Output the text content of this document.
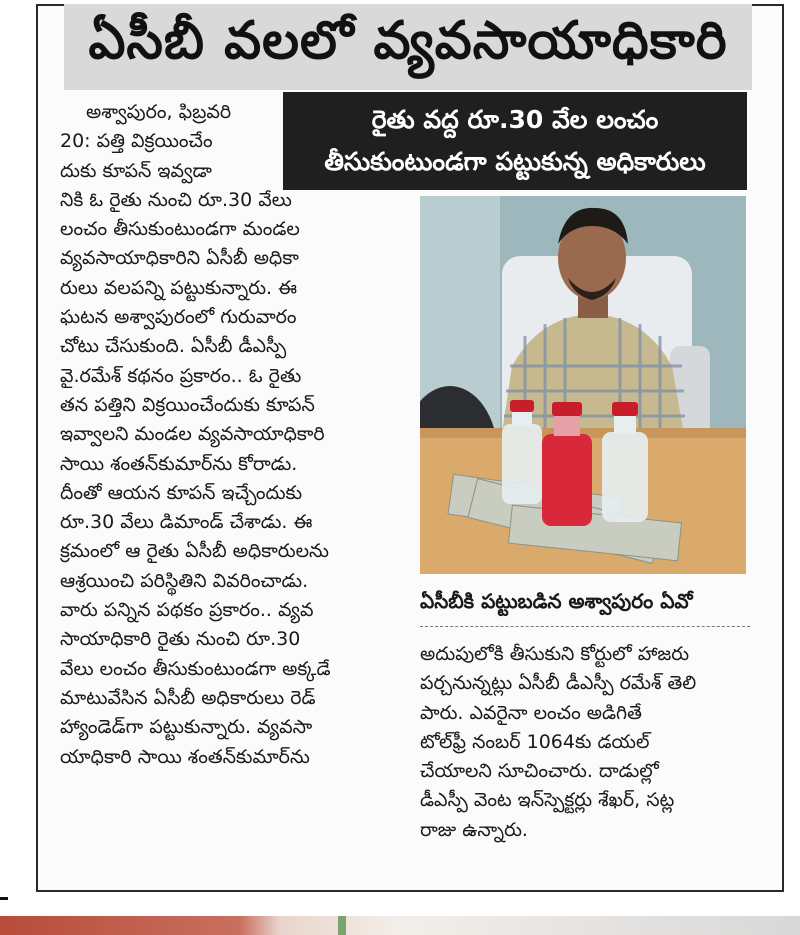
ఏసీబీ వలలో వ్యవసాయాధికారి
రైతు వద్ద రూ.30 వేల లంచం
తీసుకుంటుండగా పట్టుకున్న అధికారులు
అశ్వాపురం, ఫిబ్రవరి
20: పత్తి విక్రయించేం
దుకు కూపన్ ఇవ్వడా
నికి ఓ రైతు నుంచి రూ.30 వేలు
లంచం తీసుకుంటుండగా మండల
వ్యవసాయాధికారిని ఏసీబీ అధికా
రులు వలపన్ని పట్టుకున్నారు. ఈ
ఘటన అశ్వాపురంలో గురువారం
చోటు చేసుకుంది. ఏసీబీ డీఎస్పీ
వై.రమేశ్ కథనం ప్రకారం.. ఓ రైతు
తన పత్తిని విక్రయించేందుకు కూపన్
ఇవ్వాలని మండల వ్యవసాయాధికారి
సాయి శంతన్‌కుమార్‌ను కోరాడు.
దీంతో ఆయన కూపన్ ఇచ్చేందుకు
రూ.30 వేలు డిమాండ్ చేశాడు. ఈ
క్రమంలో ఆ రైతు ఏసీబీ అధికారులను
ఆశ్రయించి పరిస్థితిని వివరించాడు.
వారు పన్నిన పథకం ప్రకారం.. వ్యవ
సాయాధికారి రైతు నుంచి రూ.30
వేలు లంచం తీసుకుంటుండగా అక్కడే
మాటువేసిన ఏసీబీ అధికారులు రెడ్
హ్యాండెడ్‌గా పట్టుకున్నారు. వ్యవసా
యాధికారి సాయి శంతన్‌కుమార్‌ను
ఏసీబీకి పట్టుబడిన అశ్వాపురం ఏవో
అదుపులోకి తీసుకుని కోర్టులో హాజరు
పర్చనున్నట్లు ఏసీబీ డీఎస్పీ రమేశ్ తెలి
పారు. ఎవరైనా లంచం అడిగితే
టోల్‌ఫ్రీ నంబర్ 1064కు డయల్
చేయాలని సూచించారు. దాడుల్లో
డీఎస్పీ వెంట ఇన్‌స్పెక్టర్లు శేఖర్, సట్ల
రాజు ఉన్నారు.
